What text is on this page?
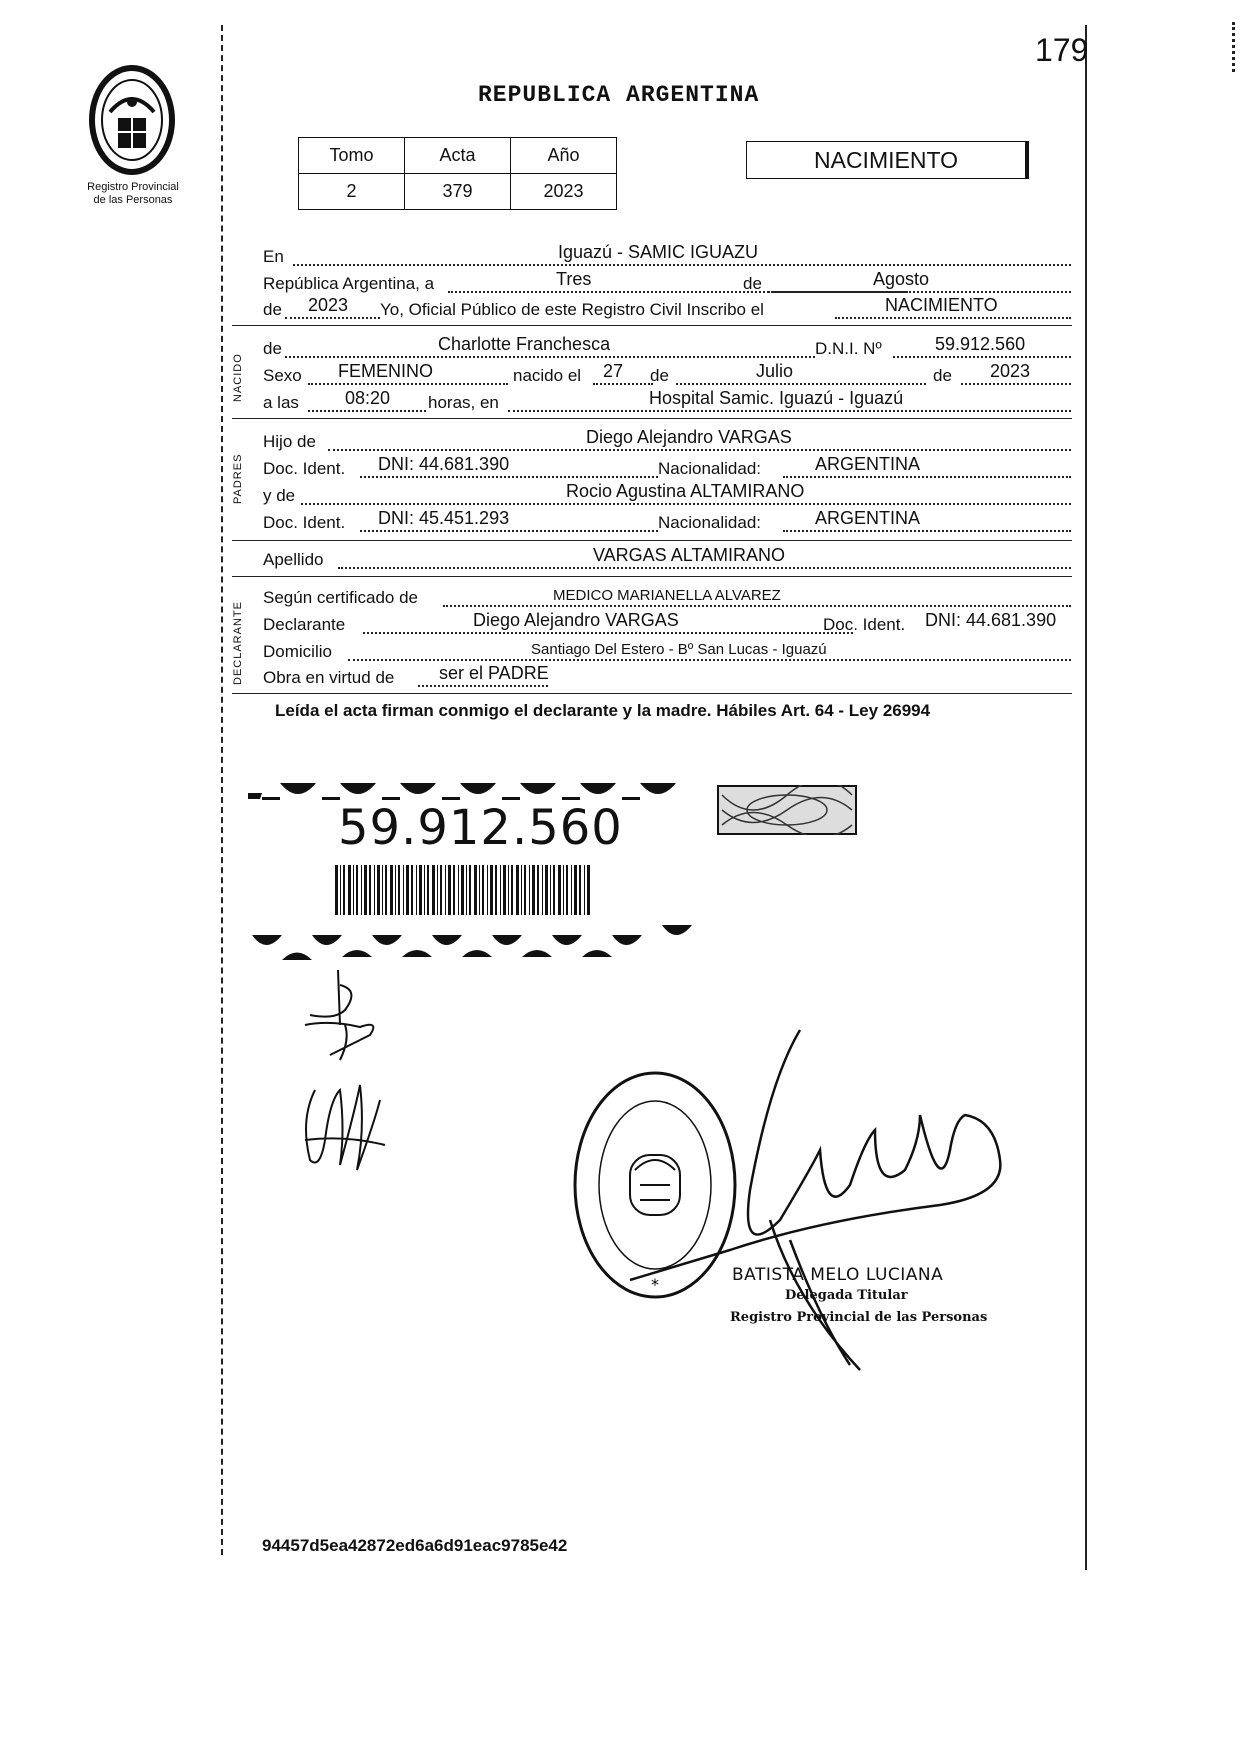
179
Registro Provincial
de las Personas
REPUBLICA ARGENTINA
Tomo	Acta	Año
2	379	2023
NACIMIENTO
En	Iguazú - SAMIC IGUAZU
República Argentina, a	Tres	de	Agosto
de 2023 Yo, Oficial Público de este Registro Civil Inscribo el	NACIMIENTO
NACIDO
de	Charlotte Franchesca	D.N.I. Nº	59.912.560
Sexo FEMENINO	nacido el 27 de	Julio	de 2023
a las	08:20 horas, en	Hospital Samic. Iguazú - Iguazú
PADRES
Hijo de	Diego Alejandro VARGAS
Doc. Ident. DNI: 44.681.390	Nacionalidad:	ARGENTINA
y de	Rocio Agustina ALTAMIRANO
Doc. Ident. DNI: 45.451.293	Nacionalidad:	ARGENTINA
Apellido	VARGAS ALTAMIRANO
DECLARANTE
Según certificado de	MEDICO MARIANELLA ALVAREZ
Declarante	Diego Alejandro VARGAS	Doc. Ident. DNI: 44.681.390
Domicilio	Santiago Del Estero - Bº San Lucas - Iguazú
Obra en virtud de ser el PADRE
Leída el acta firman conmigo el declarante y la madre. Hábiles Art. 64 - Ley 26994
59.912.560
*	BATISTA MELO LUCIANA
Delegada Titular
Registro Provincial de las Personas
94457d5ea42872ed6a6d91eac9785e42
